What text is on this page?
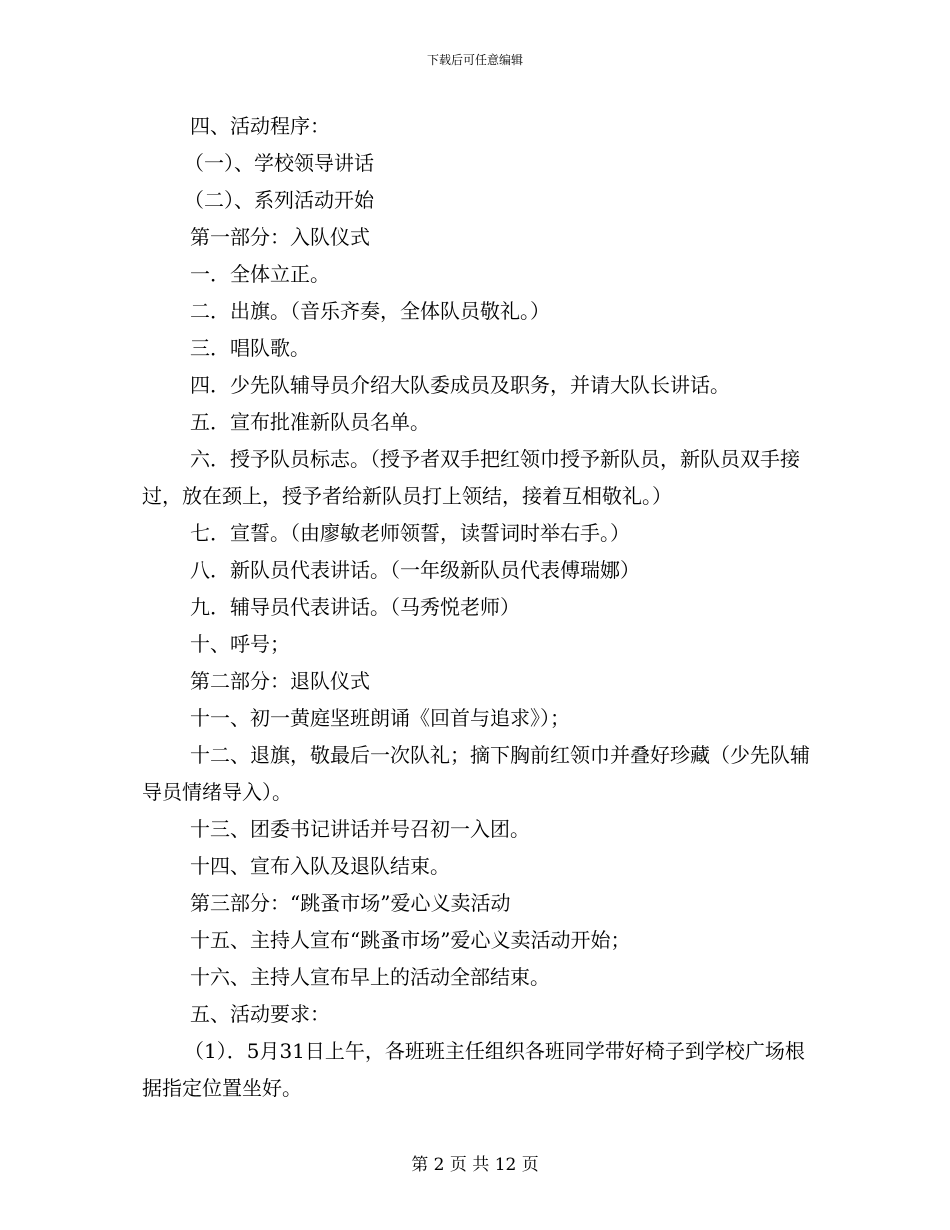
下载后可任意编辑

四、活动程序：

（一）、学校领导讲话

（二）、系列活动开始

第一部分：入队仪式

一．全体立正。

二．出旗。（音乐齐奏，全体队员敬礼。）

三．唱队歌。

四．少先队辅导员介绍大队委成员及职务，并请大队长讲话。

五．宣布批准新队员名单。

六．授予队员标志。（授予者双手把红领巾授予新队员，新队员双手接过，放在颈上，授予者给新队员打上领结，接着互相敬礼。）

七．宣誓。（由廖敏老师领誓，读誓词时举右手。）

八．新队员代表讲话。（一年级新队员代表傅瑞娜）

九．辅导员代表讲话。（马秀悦老师）

十、呼号；

第二部分：退队仪式

十一、初一黄庭坚班朗诵《回首与追求》）；

十二、退旗，敬最后一次队礼；摘下胸前红领巾并叠好珍藏（少先队辅导员情绪导入）。

十三、团委书记讲话并号召初一入团。

十四、宣布入队及退队结束。

第三部分：“跳蚤市场”爱心义卖活动

十五、主持人宣布“跳蚤市场”爱心义卖活动开始；

十六、主持人宣布早上的活动全部结束。

五、活动要求：

（1）．5月31日上午，各班班主任组织各班同学带好椅子到学校广场根据指定位置坐好。

第 2 页 共 12 页
